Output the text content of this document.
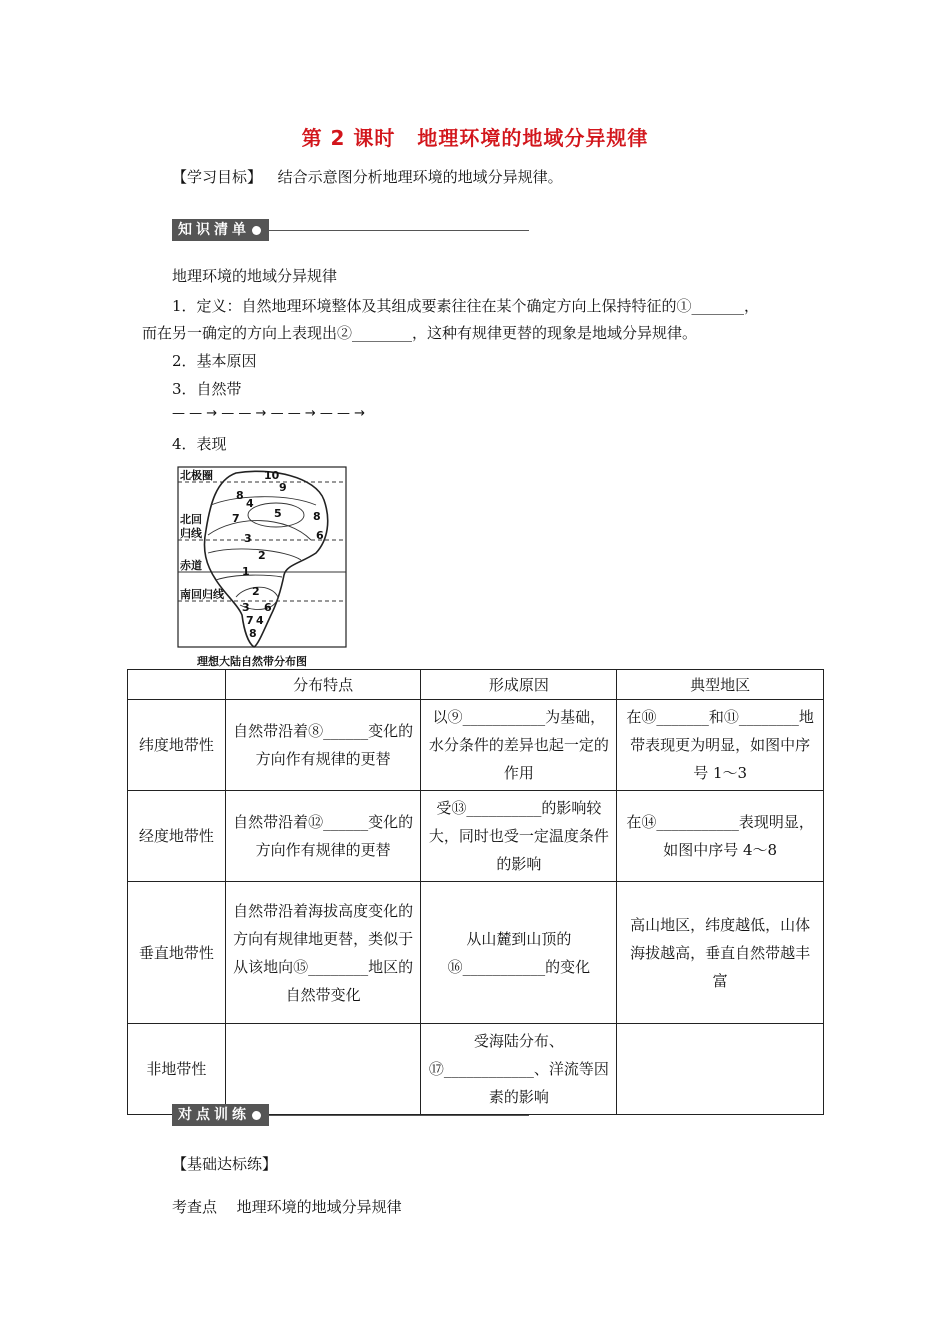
第 2 课时 地理环境的地域分异规律
【学习目标】 结合示意图分析地理环境的地域分异规律。
知识清单
地理环境的地域分异规律
1．定义：自然地理环境整体及其组成要素往往在某个确定方向上保持特征的①_______，
而在另一确定的方向上表现出②________，这种有规律更替的现象是地域分异规律。
2．基本原因
3．自然带
— — → — — → — — → — — →
4．表现
北极圈
北回
归线
赤道
南回归线
10
9
8
4
7	5	8
6
3
2
1
2
3 6
7 4
8
理想大陆自然带分布图
	分布特点	形成原因	典型地区
纬度地带性	自然带沿着⑧______变化的方向作有规律的更替	以⑨___________为基础，水分条件的差异也起一定的作用	在⑩_______和⑪________地带表现更为明显，如图中序号 1～3
经度地带性	自然带沿着⑫______变化的方向作有规律的更替	受⑬__________的影响较大，同时也受一定温度条件的影响	在⑭___________表现明显，如图中序号 4～8
垂直地带性	自然带沿着海拔高度变化的方向有规律地更替，类似于从该地向⑮________地区的自然带变化	从山麓到山顶的⑯___________的变化	高山地区，纬度越低，山体海拔越高，垂直自然带越丰富
非地带性		受海陆分布、⑰____________、洋流等因素的影响	
对点训练
【基础达标练】
考查点 地理环境的地域分异规律
